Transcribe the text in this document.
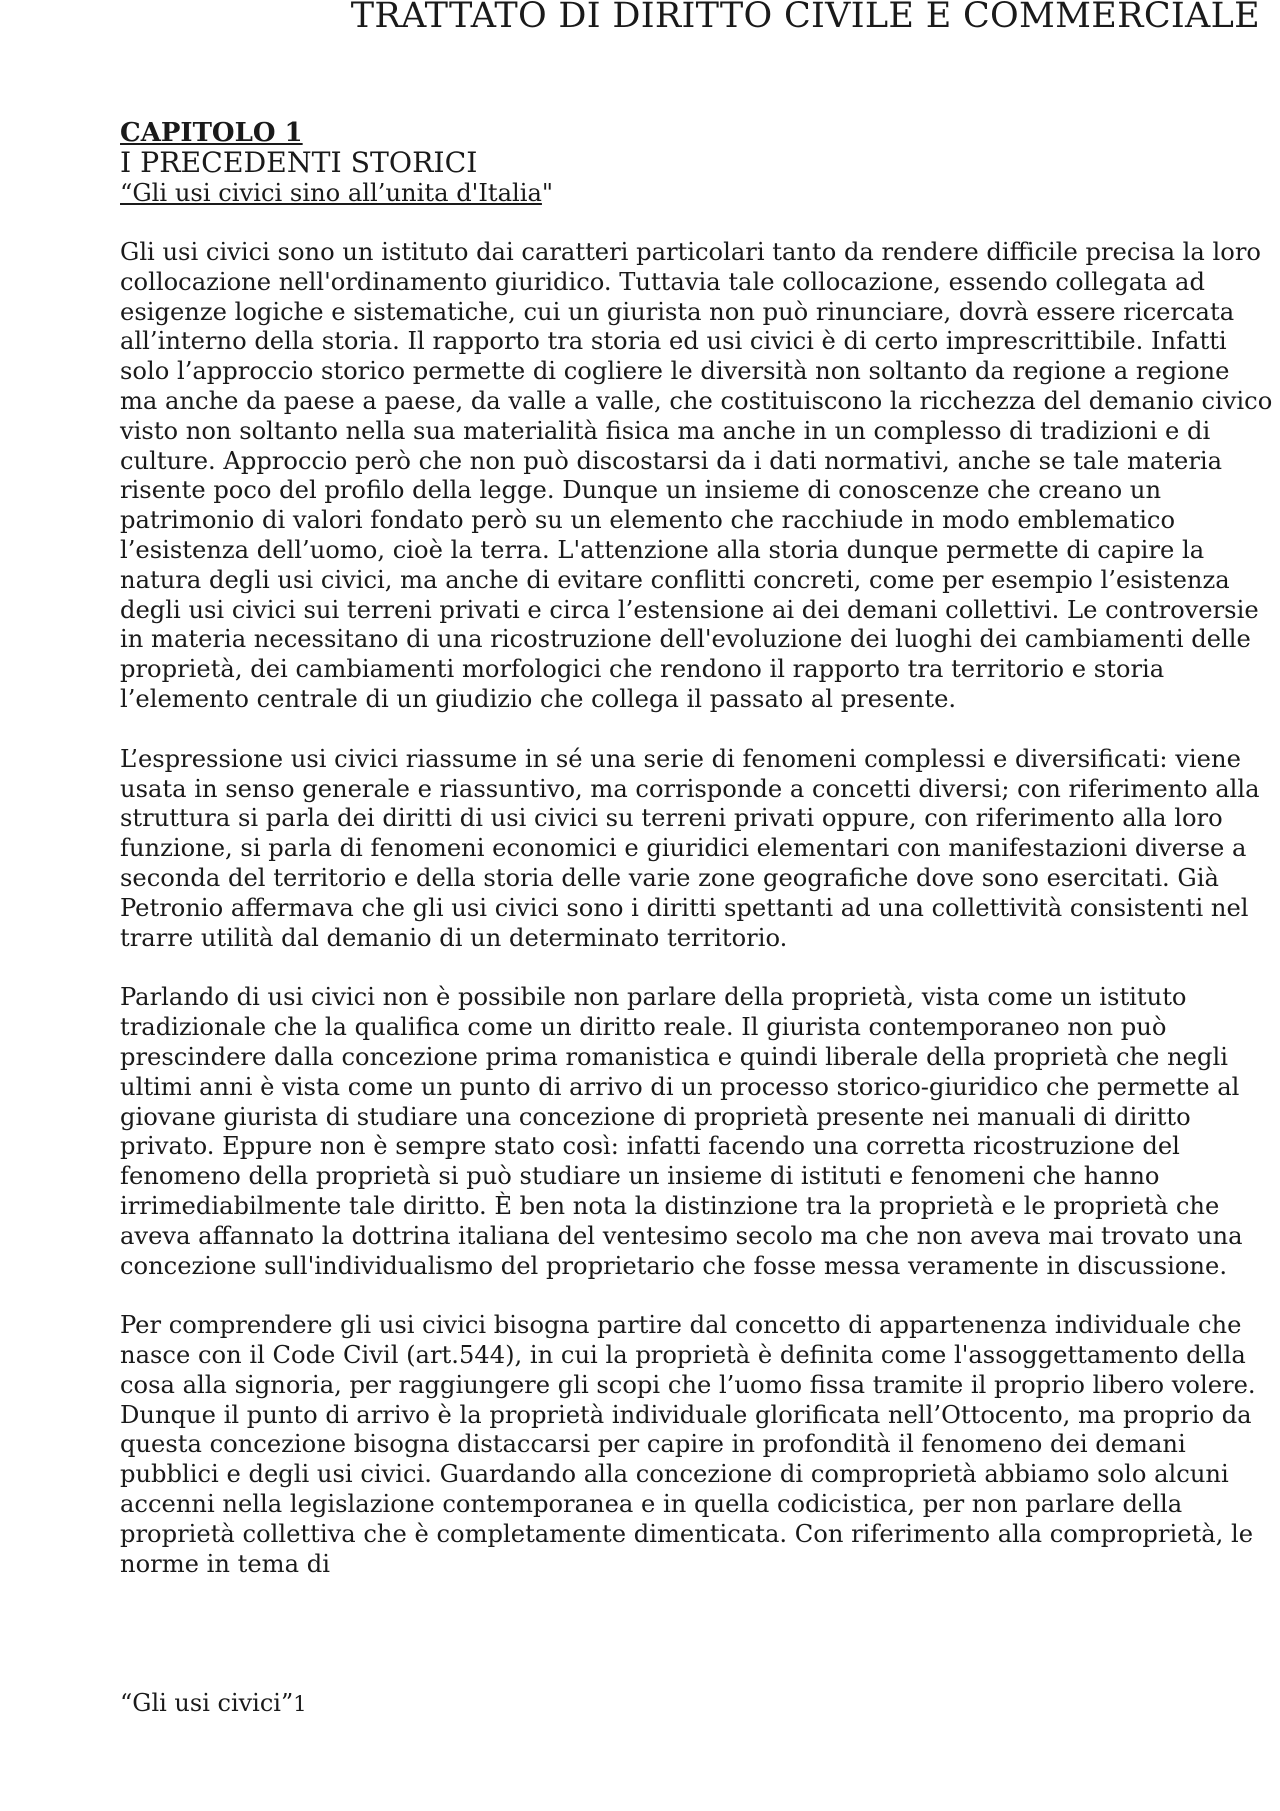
TRATTATO DI DIRITTO CIVILE E COMMERCIALE
CAPITOLO 1
I PRECEDENTI STORICI

“Gli usi civici sino all’unita d'Italia"

Gli usi civici sono un istituto dai caratteri particolari tanto da rendere difficile precisa la loro collocazione nell'ordinamento giuridico. Tuttavia tale collocazione, essendo collegata ad esigenze logiche e sistematiche, cui un giurista non può rinunciare, dovrà essere ricercata all’interno della storia. Il rapporto tra storia ed usi civici è di certo imprescrittibile. Infatti solo l’approccio storico permette di cogliere le diversità non soltanto da regione a regione ma anche da paese a paese, da valle a valle, che costituiscono la ricchezza del demanio civico visto non soltanto nella sua materialità fisica ma anche in un complesso di tradizioni e di culture. Approccio però che non può discostarsi da i dati normativi, anche se tale materia risente poco del profilo della legge. Dunque un insieme di conoscenze che creano un patrimonio di valori fondato però su un elemento che racchiude in modo emblematico l’esistenza dell’uomo, cioè la terra. L'attenzione alla storia dunque permette di capire la natura degli usi civici, ma anche di evitare conflitti concreti, come per esempio l’esistenza degli usi civici sui terreni privati e circa l’estensione ai dei demani collettivi. Le controversie in materia necessitano di una ricostruzione dell'evoluzione dei luoghi dei cambiamenti delle proprietà, dei cambiamenti morfologici che rendono il rapporto tra territorio e storia l’elemento centrale di un giudizio che collega il passato al presente.

L’espressione usi civici riassume in sé una serie di fenomeni complessi e diversificati: viene usata in senso generale e riassuntivo, ma corrisponde a concetti diversi; con riferimento alla struttura si parla dei diritti di usi civici su terreni privati oppure, con riferimento alla loro funzione, si parla di fenomeni economici e giuridici elementari con manifestazioni diverse a seconda del territorio e della storia delle varie zone geografiche dove sono esercitati. Già Petronio affermava che gli usi civici sono i diritti spettanti ad una collettività consistenti nel trarre utilità dal demanio di un determinato territorio.

Parlando di usi civici non è possibile non parlare della proprietà, vista come un istituto tradizionale che la qualifica come un diritto reale. Il giurista contemporaneo non può prescindere dalla concezione prima romanistica e quindi liberale della proprietà che negli ultimi anni è vista come un punto di arrivo di un processo storico-giuridico che permette al giovane giurista di studiare una concezione di proprietà presente nei manuali di diritto privato. Eppure non è sempre stato così: infatti facendo una corretta ricostruzione del fenomeno della proprietà si può studiare un insieme di istituti e fenomeni che hanno irrimediabilmente tale diritto. È ben nota la distinzione tra la proprietà e le proprietà che aveva affannato la dottrina italiana del ventesimo secolo ma che non aveva mai trovato una concezione sull'individualismo del proprietario che fosse messa veramente in discussione.

Per comprendere gli usi civici bisogna partire dal concetto di appartenenza individuale che nasce con il Code Civil (art.544), in cui la proprietà è definita come l'assoggettamento della cosa alla signoria, per raggiungere gli scopi che l’uomo fissa tramite il proprio libero volere. Dunque il punto di arrivo è la proprietà individuale glorificata nell’Ottocento, ma proprio da questa concezione bisogna distaccarsi per capire in profondità il fenomeno dei demani pubblici e degli usi civici. Guardando alla concezione di comproprietà abbiamo solo alcuni accenni nella legislazione contemporanea e in quella codicistica, per non parlare della proprietà collettiva che è completamente dimenticata. Con riferimento alla comproprietà, le norme in tema di

“Gli usi civici”1
